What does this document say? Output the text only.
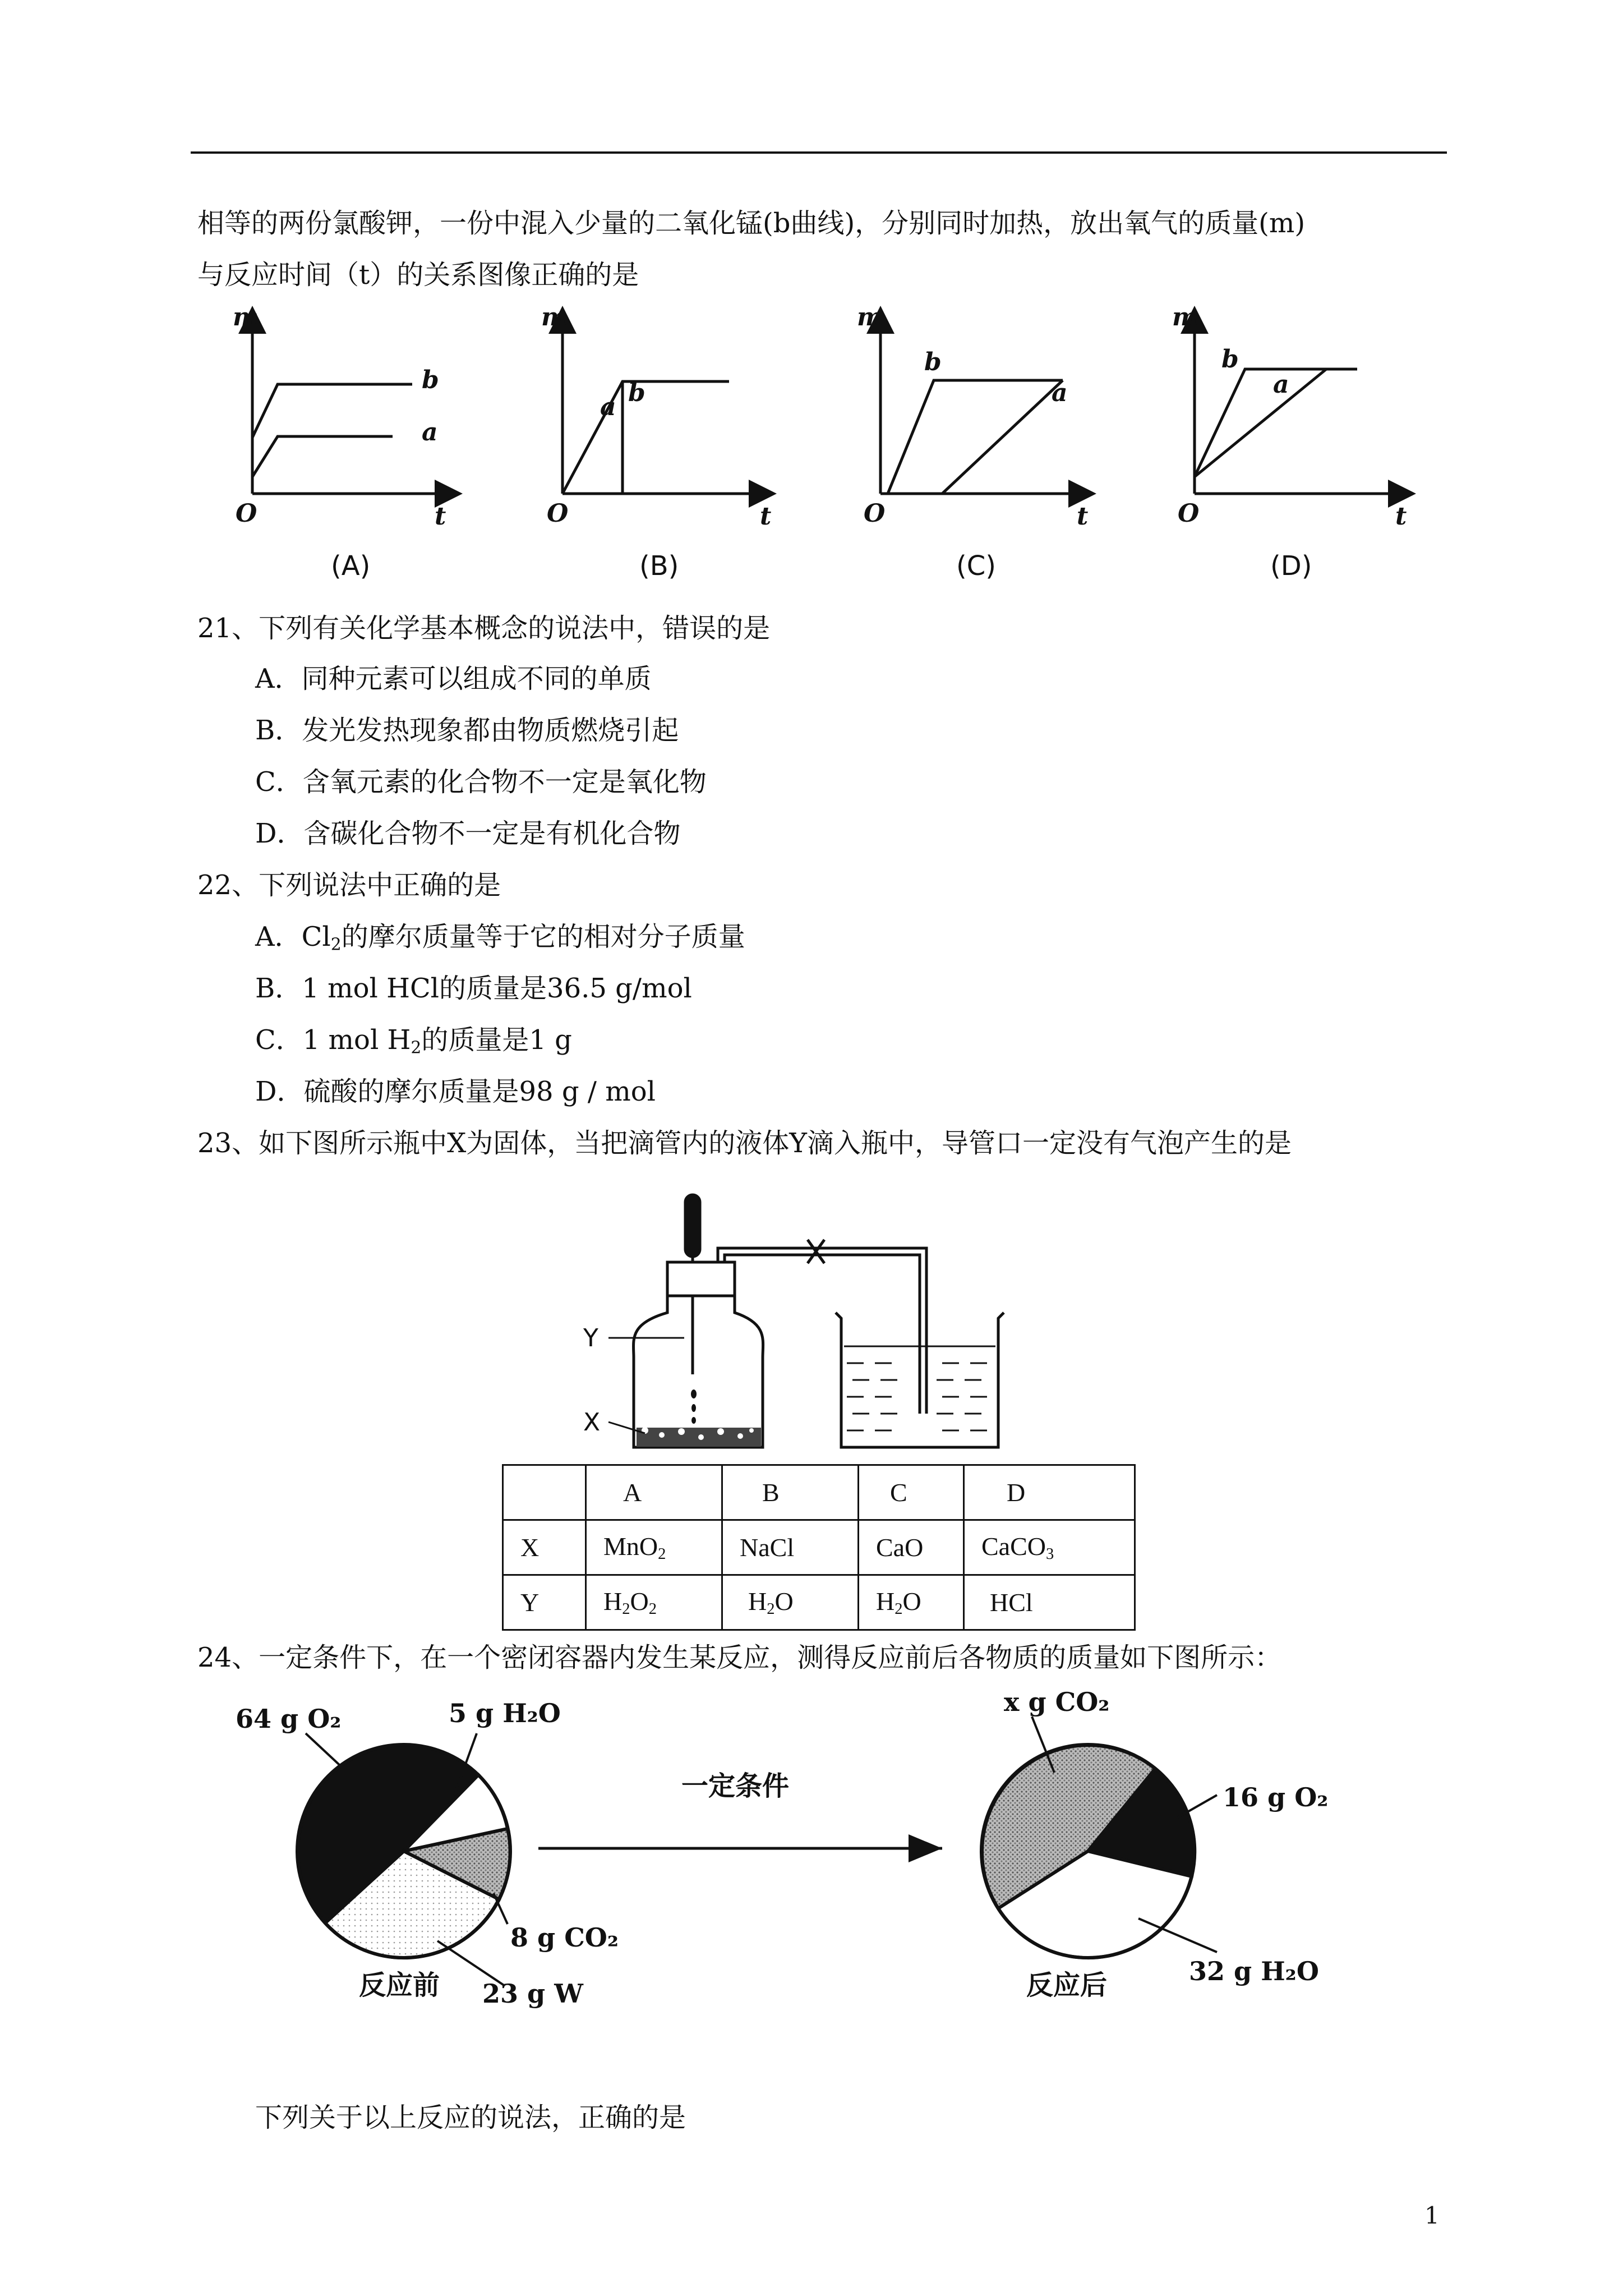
相等的两份氯酸钾，一份中混入少量的二氧化锰(b曲线)，分别同时加热，放出氧气的质量(m)
与反应时间（t）的关系图像正确的是
m
O	t
b
a
m
O	t
a b
m
O	t
b
a
m
O	t
b
a
(A)	(B)	(C)	(D)
21、下列有关化学基本概念的说法中，错误的是
A．同种元素可以组成不同的单质
B．发光发热现象都由物质燃烧引起
C．含氧元素的化合物不一定是氧化物
D．含碳化合物不一定是有机化合物
22、下列说法中正确的是
A．$Cl_2$的摩尔质量等于它的相对分子质量
B．1 mol HCl的质量是36.5 g/mol
C．1 mol $H_2$的质量是1 g
D．硫酸的摩尔质量是98 g / mol
23、如下图所示瓶中X为固体，当把滴管内的液体Y滴入瓶中，导管口一定没有气泡产生的是
Y
X
	A	B	C	D
X	MnO$_2$	NaCl	CaO	CaCO$_3$
Y	$H_2O_2$	$H_2O$	$H_2O$	HCl
24、一定条件下，在一个密闭容器内发生某反应，测得反应前后各物质的质量如下图所示：
64 g O₂	5 g H₂O
8 g CO₂
23 g W
反应前
一定条件
反应后
x g CO₂
16 g O₂
32 g H₂O
下列关于以上反应的说法，正确的是
1
